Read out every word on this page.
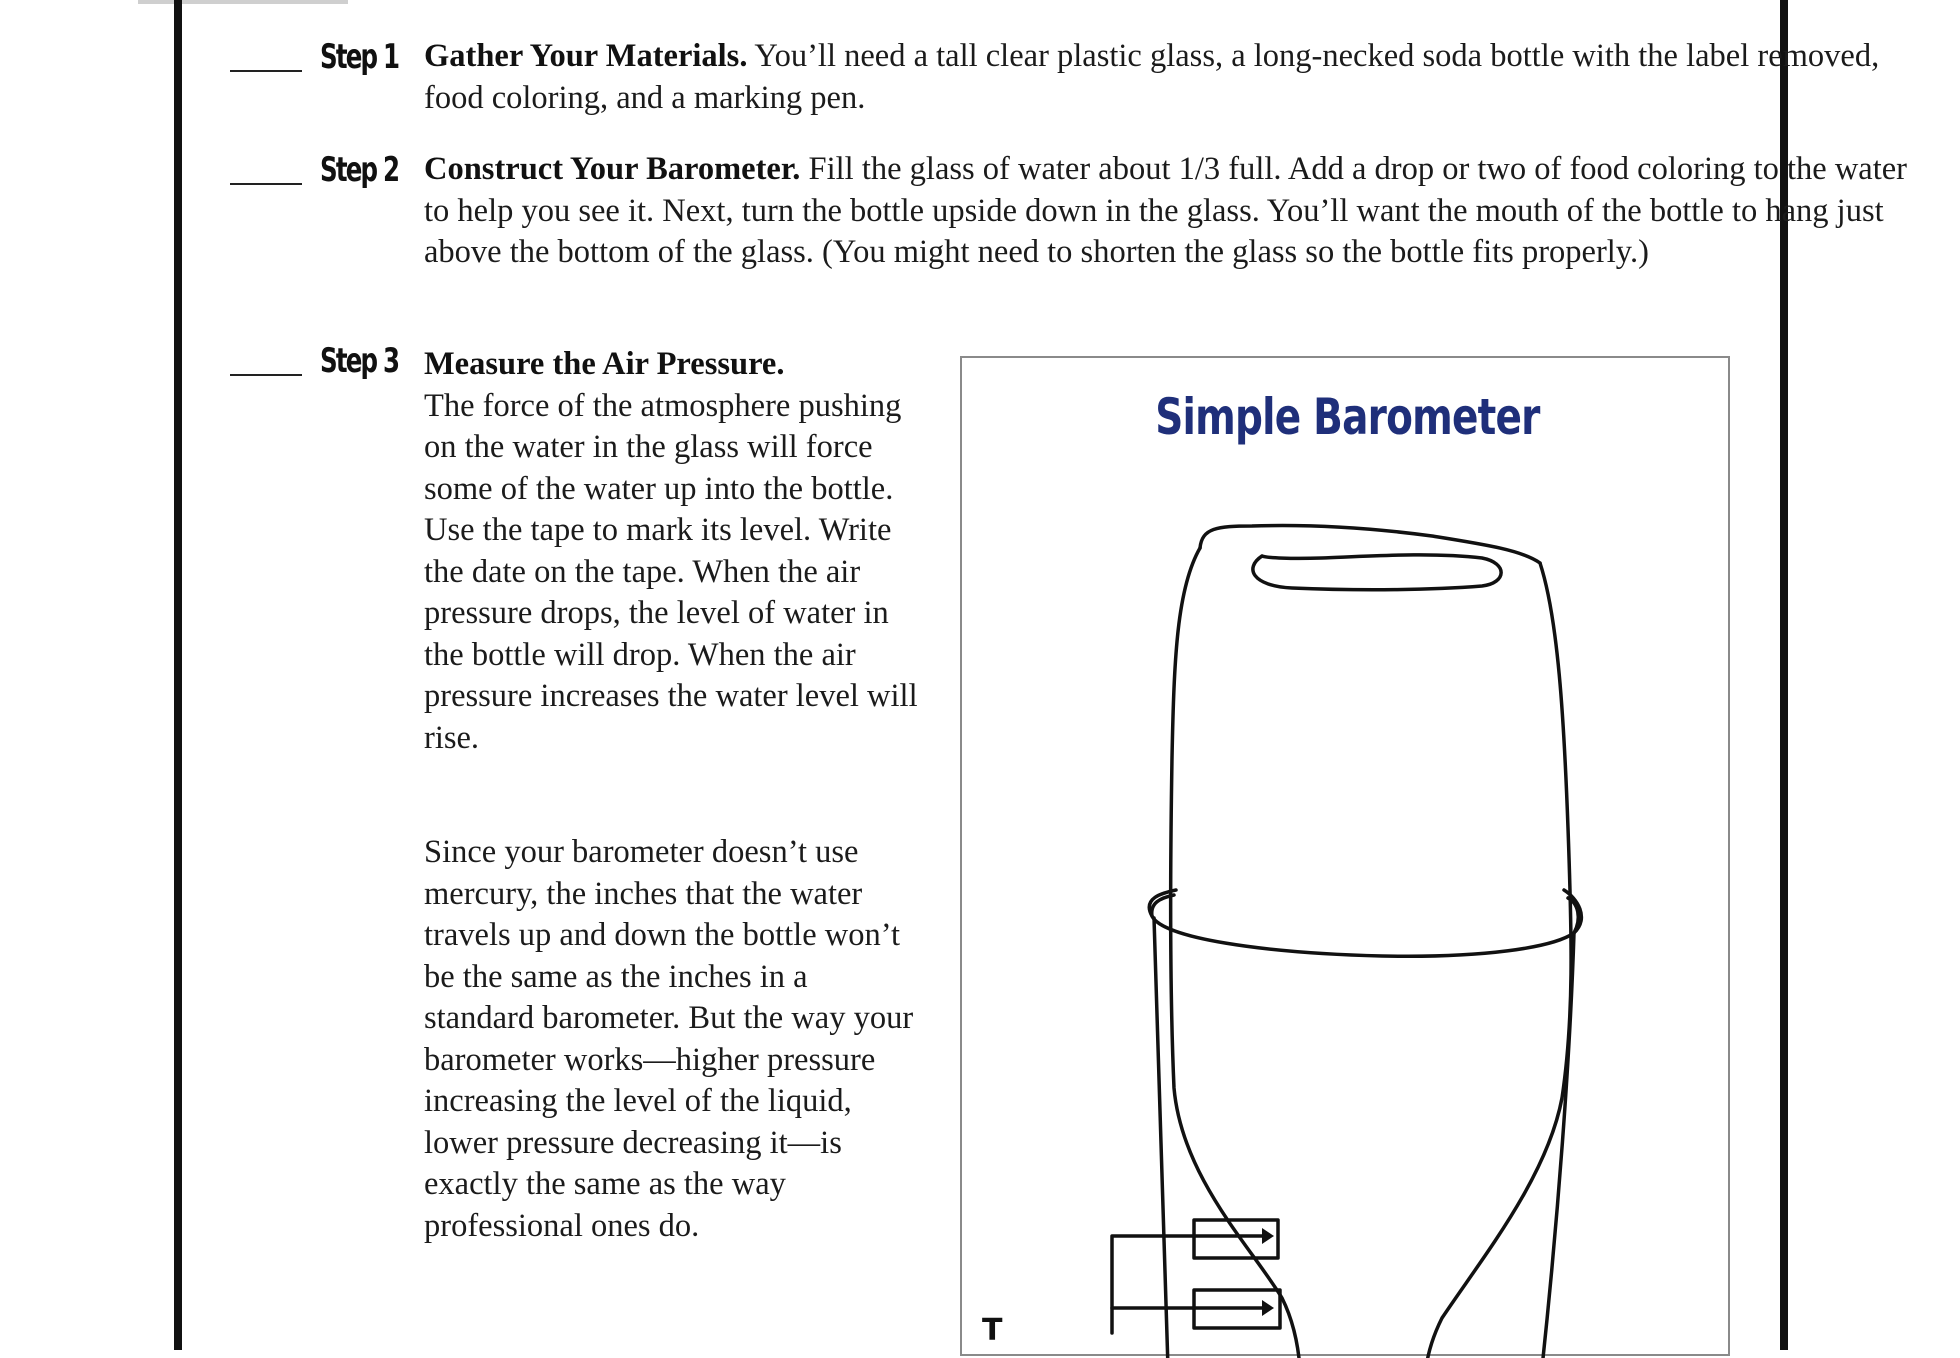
Step 1 Gather Your Materials. You’ll need a tall clear plastic glass, a long-necked soda bottle with the label removed, food coloring, and a marking pen.
Step 2 Construct Your Barometer. Fill the glass of water about 1/3 full. Add a drop or two of food coloring to the water to help you see it. Next, turn the bottle upside down in the glass. You’ll want the mouth of the bottle to hang just above the bottom of the glass. (You might need to shorten the glass so the bottle fits properly.)
Step 3 Measure the Air Pressure.
The force of the atmosphere pushing on the water in the glass will force some of the water up into the bottle. Use the tape to mark its level. Write the date on the tape. When the air pressure drops, the level of water in the bottle will drop. When the air pressure increases the water level will rise.
Since your barometer doesn’t use mercury, the inches that the water travels up and down the bottle won’t be the same as the inches in a standard barometer. But the way your barometer works—higher pressure increasing the level of the liquid, lower pressure decreasing it—is exactly the same as the way professional ones do.
Simple Barometer
T
